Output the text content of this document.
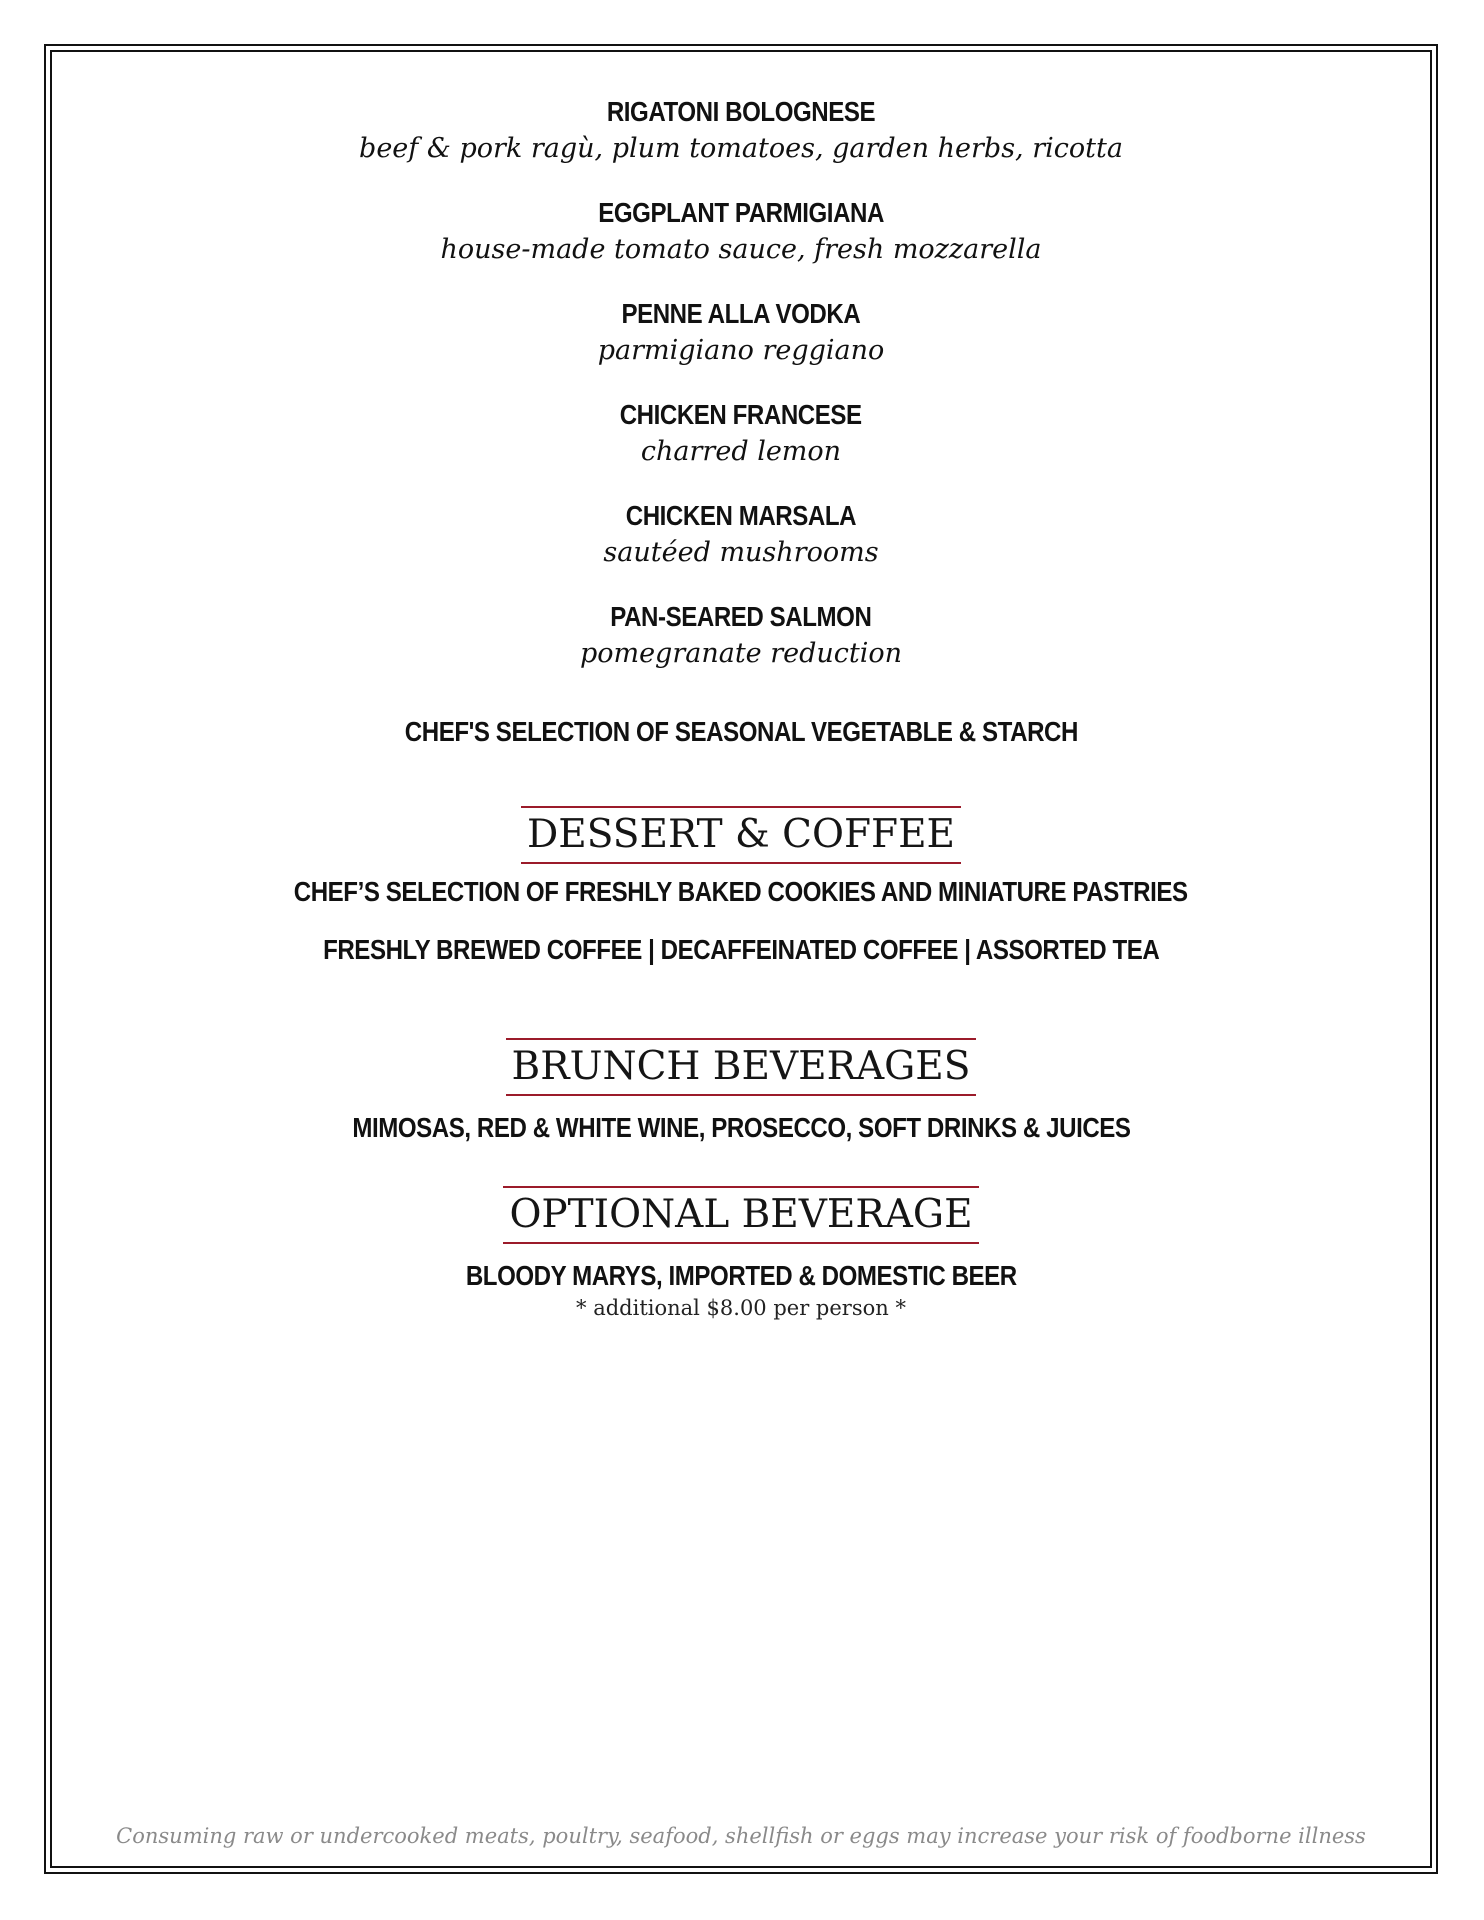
RIGATONI BOLOGNESE
beef & pork ragù, plum tomatoes, garden herbs, ricotta
EGGPLANT PARMIGIANA
house-made tomato sauce, fresh mozzarella
PENNE ALLA VODKA
parmigiano reggiano
CHICKEN FRANCESE
charred lemon
CHICKEN MARSALA
sautéed mushrooms
PAN-SEARED SALMON
pomegranate reduction
CHEF'S SELECTION OF SEASONAL VEGETABLE & STARCH
DESSERT & COFFEE
CHEF’S SELECTION OF FRESHLY BAKED COOKIES AND MINIATURE PASTRIES
FRESHLY BREWED COFFEE | DECAFFEINATED COFFEE | ASSORTED TEA
BRUNCH BEVERAGES
MIMOSAS, RED & WHITE WINE, PROSECCO, SOFT DRINKS & JUICES
OPTIONAL BEVERAGE
BLOODY MARYS, IMPORTED & DOMESTIC BEER
* additional $8.00 per person *
Consuming raw or undercooked meats, poultry, seafood, shellfish or eggs may increase your risk of foodborne illness
